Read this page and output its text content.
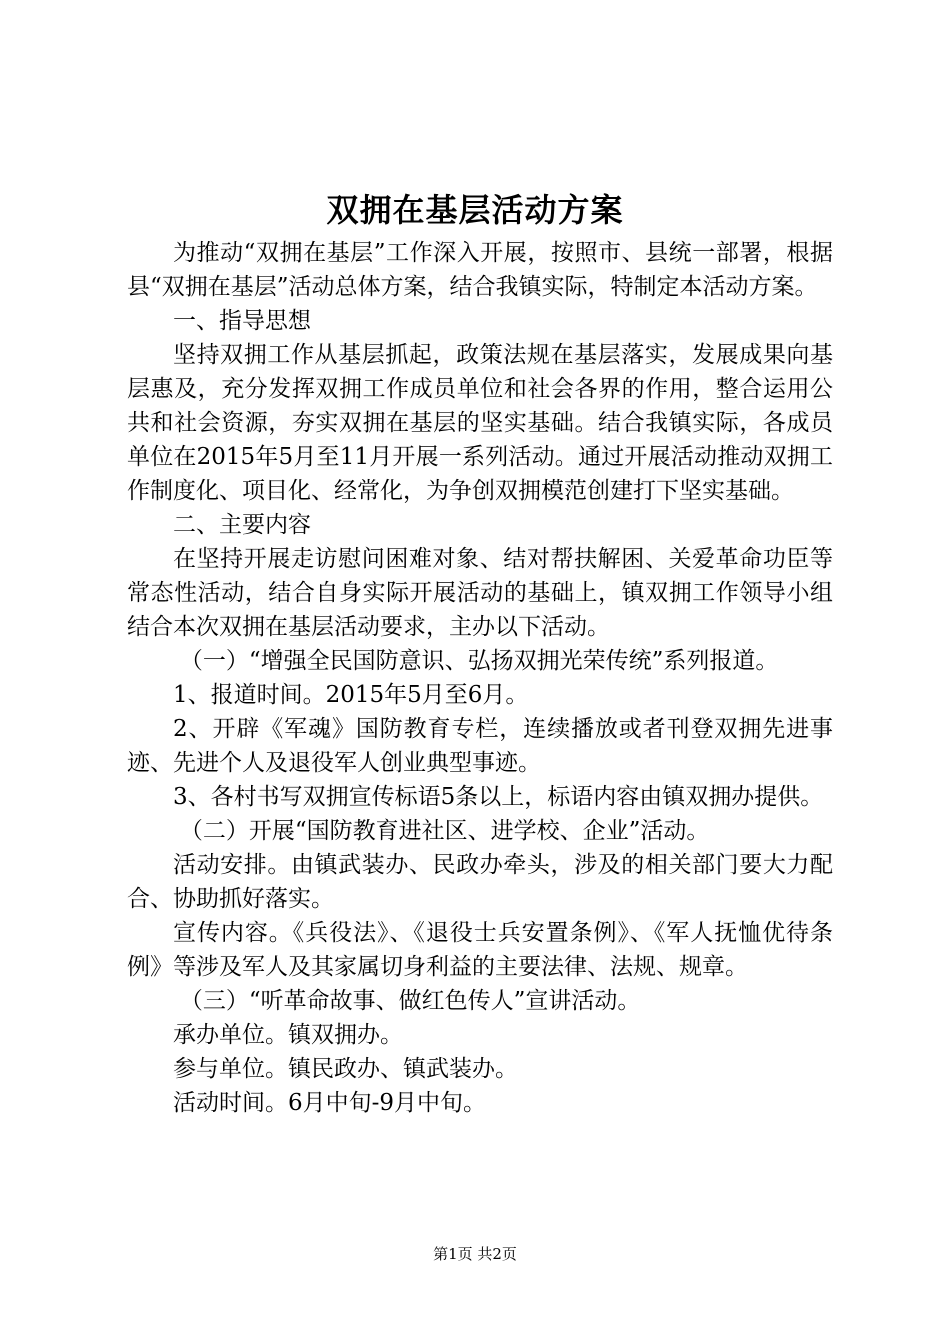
双拥在基层活动方案

为推动“双拥在基层”工作深入开展，按照市、县统一部署，根据县“双拥在基层”活动总体方案，结合我镇实际，特制定本活动方案。

一、指导思想

坚持双拥工作从基层抓起，政策法规在基层落实，发展成果向基层惠及，充分发挥双拥工作成员单位和社会各界的作用，整合运用公共和社会资源，夯实双拥在基层的坚实基础。结合我镇实际，各成员单位在2015年5月至11月开展一系列活动。通过开展活动推动双拥工作制度化、项目化、经常化，为争创双拥模范创建打下坚实基础。

二、主要内容

在坚持开展走访慰问困难对象、结对帮扶解困、关爱革命功臣等常态性活动，结合自身实际开展活动的基础上，镇双拥工作领导小组结合本次双拥在基层活动要求，主办以下活动。

（一）“增强全民国防意识、弘扬双拥光荣传统”系列报道。

1、报道时间。2015年5月至6月。

2、开辟《军魂》国防教育专栏，连续播放或者刊登双拥先进事迹、先进个人及退役军人创业典型事迹。

3、各村书写双拥宣传标语5条以上，标语内容由镇双拥办提供。

（二）开展“国防教育进社区、进学校、企业”活动。

活动安排。由镇武装办、民政办牵头，涉及的相关部门要大力配合、协助抓好落实。

宣传内容。《兵役法》、《退役士兵安置条例》、《军人抚恤优待条例》等涉及军人及其家属切身利益的主要法律、法规、规章。

（三）“听革命故事、做红色传人”宣讲活动。

承办单位。镇双拥办。

参与单位。镇民政办、镇武装办。

活动时间。6月中旬-9月中旬。

第1页 共2页
